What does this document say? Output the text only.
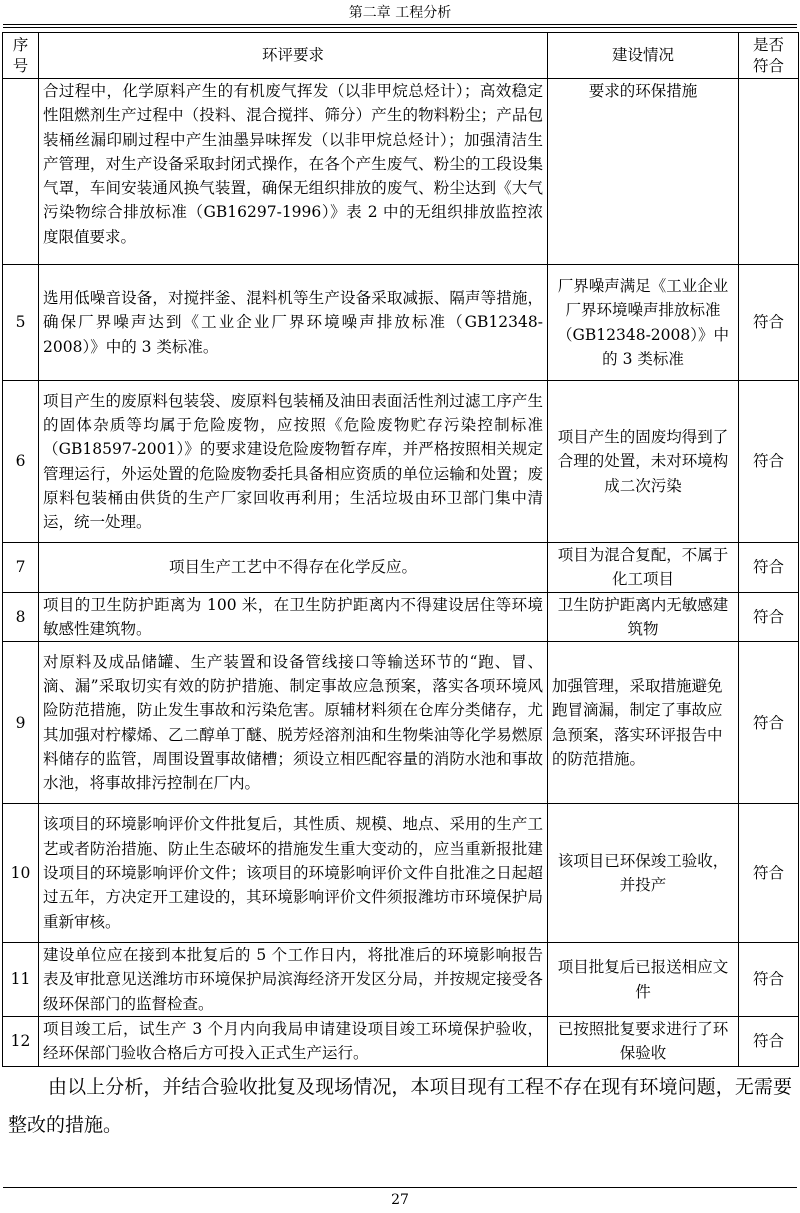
第二章 工程分析
序号	环评要求	建设情况	是否符合
	合过程中，化学原料产生的有机废气挥发（以非甲烷总烃计）；高效稳定性阻燃剂生产过程中（投料、混合搅拌、筛分）产生的物料粉尘；产品包装桶丝漏印刷过程中产生油墨异味挥发（以非甲烷总烃计）；加强清洁生产管理，对生产设备采取封闭式操作，在各个产生废气、粉尘的工段设集气罩，车间安装通风换气装置，确保无组织排放的废气、粉尘达到《大气污染物综合排放标准（GB16297-1996）》表 2 中的无组织排放监控浓度限值要求。	要求的环保措施	
5	选用低噪音设备，对搅拌釜、混料机等生产设备采取减振、隔声等措施，确保厂界噪声达到《工业企业厂界环境噪声排放标准（GB12348-2008）》中的 3 类标准。	厂界噪声满足《工业企业厂界环境噪声排放标准（GB12348-2008）》中的 3 类标准	符合
6	项目产生的废原料包装袋、废原料包装桶及油田表面活性剂过滤工序产生的固体杂质等均属于危险废物，应按照《危险废物贮存污染控制标准（GB18597-2001）》的要求建设危险废物暂存库，并严格按照相关规定管理运行，外运处置的危险废物委托具备相应资质的单位运输和处置；废原料包装桶由供货的生产厂家回收再利用；生活垃圾由环卫部门集中清运，统一处理。	项目产生的固废均得到了合理的处置，未对环境构成二次污染	符合
7	项目生产工艺中不得存在化学反应。	项目为混合复配，不属于化工项目	符合
8	项目的卫生防护距离为 100 米，在卫生防护距离内不得建设居住等环境敏感性建筑物。	卫生防护距离内无敏感建筑物	符合
9	对原料及成品储罐、生产装置和设备管线接口等输送环节的“跑、冒、滴、漏”采取切实有效的防护措施、制定事故应急预案，落实各项环境风险防范措施，防止发生事故和污染危害。原辅材料须在仓库分类储存，尤其加强对柠檬烯、乙二醇单丁醚、脱芳烃溶剂油和生物柴油等化学易燃原料储存的监管，周围设置事故储槽；须设立相匹配容量的消防水池和事故水池，将事故排污控制在厂内。	加强管理，采取措施避免跑冒滴漏，制定了事故应急预案，落实环评报告中的防范措施。	符合
10	该项目的环境影响评价文件批复后，其性质、规模、地点、采用的生产工艺或者防治措施、防止生态破坏的措施发生重大变动的，应当重新报批建设项目的环境影响评价文件；该项目的环境影响评价文件自批准之日起超过五年，方决定开工建设的，其环境影响评价文件须报潍坊市环境保护局重新审核。	该项目已环保竣工验收，并投产	符合
11	建设单位应在接到本批复后的 5 个工作日内，将批准后的环境影响报告表及审批意见送潍坊市环境保护局滨海经济开发区分局，并按规定接受各级环保部门的监督检查。	项目批复后已报送相应文件	符合
12	项目竣工后，试生产 3 个月内向我局申请建设项目竣工环境保护验收，经环保部门验收合格后方可投入正式生产运行。	已按照批复要求进行了环保验收	符合
由以上分析，并结合验收批复及现场情况，本项目现有工程不存在现有环境问题，无需要整改的措施。
27
